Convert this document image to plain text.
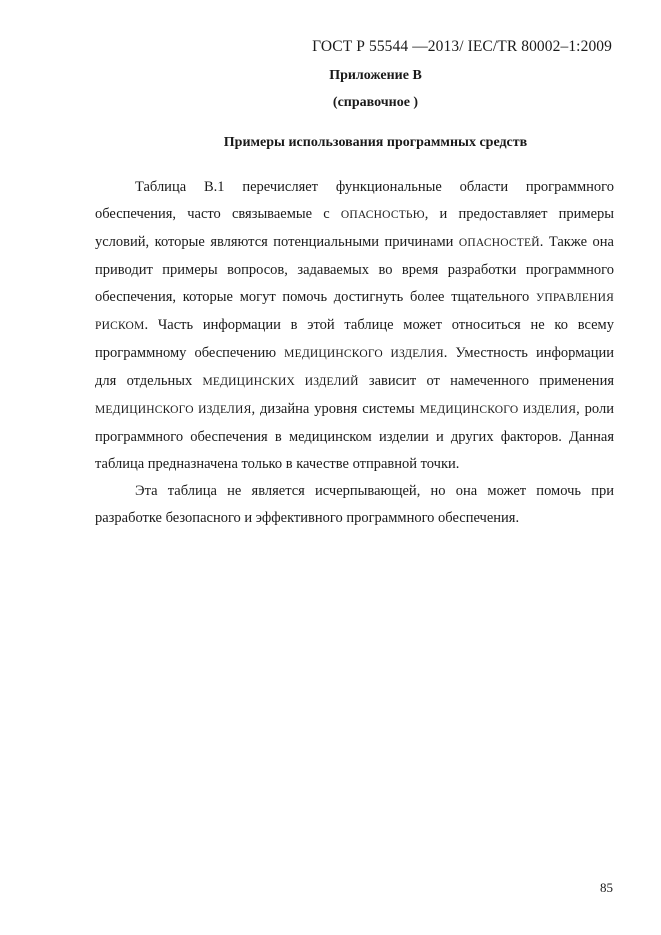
ГОСТ Р 55544 —2013/ IEC/TR 80002–1:2009
Приложение В
(справочное )
Примеры использования программных средств

Таблица В.1 перечисляет функциональные области программного обеспечения, часто связываемые с ОПАСНОСТЬЮ, и предоставляет примеры условий, которые являются потенциальными причинами ОПАСНОСТЕЙ. Также она приводит примеры вопросов, задаваемых во время разработки программного обеспечения, которые могут помочь достигнуть более тщательного УПРАВЛЕНИЯ РИСКОМ. Часть информации в этой таблице может относиться не ко всему программному обеспечению МЕДИЦИНСКОГО ИЗДЕЛИЯ. Уместность информации для отдельных МЕДИЦИНСКИХ ИЗДЕЛИЙ зависит от намеченного применения МЕДИЦИНСКОГО ИЗДЕЛИЯ, дизайна уровня системы МЕДИЦИНСКОГО ИЗДЕЛИЯ, роли программного обеспечения в медицинском изделии и других факторов. Данная таблица предназначена только в качестве отправной точки.

Эта таблица не является исчерпывающей, но она может помочь при разработке безопасного и эффективного программного обеспечения.

85
